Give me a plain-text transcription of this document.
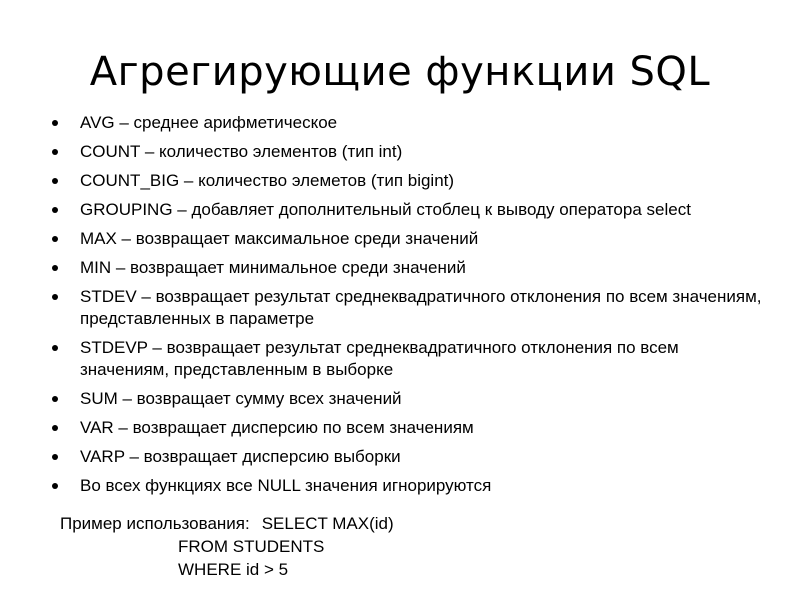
Агрегирующие функции SQL
AVG – среднее арифметическое
COUNT – количество элементов (тип int)
COUNT_BIG – количество элеметов (тип bigint)
GROUPING – добавляет дополнительный стоблец к выводу оператора select
MAX – возвращает максимальное среди значений
MIN – возвращает минимальное среди значений
STDEV – возвращает результат среднеквадратичного отклонения по всем значениям, представленных в параметре
STDEVP – возвращает результат среднеквадратичного отклонения по всем значениям, представленным в выборке
SUM – возвращает сумму всех значений
VAR – возвращает дисперсию по всем значениям
VARP – возвращает дисперсию выборки
Во всех функциях все NULL значения игнорируются
Пример использования: SELECT MAX(id)
FROM STUDENTS
WHERE id > 5
